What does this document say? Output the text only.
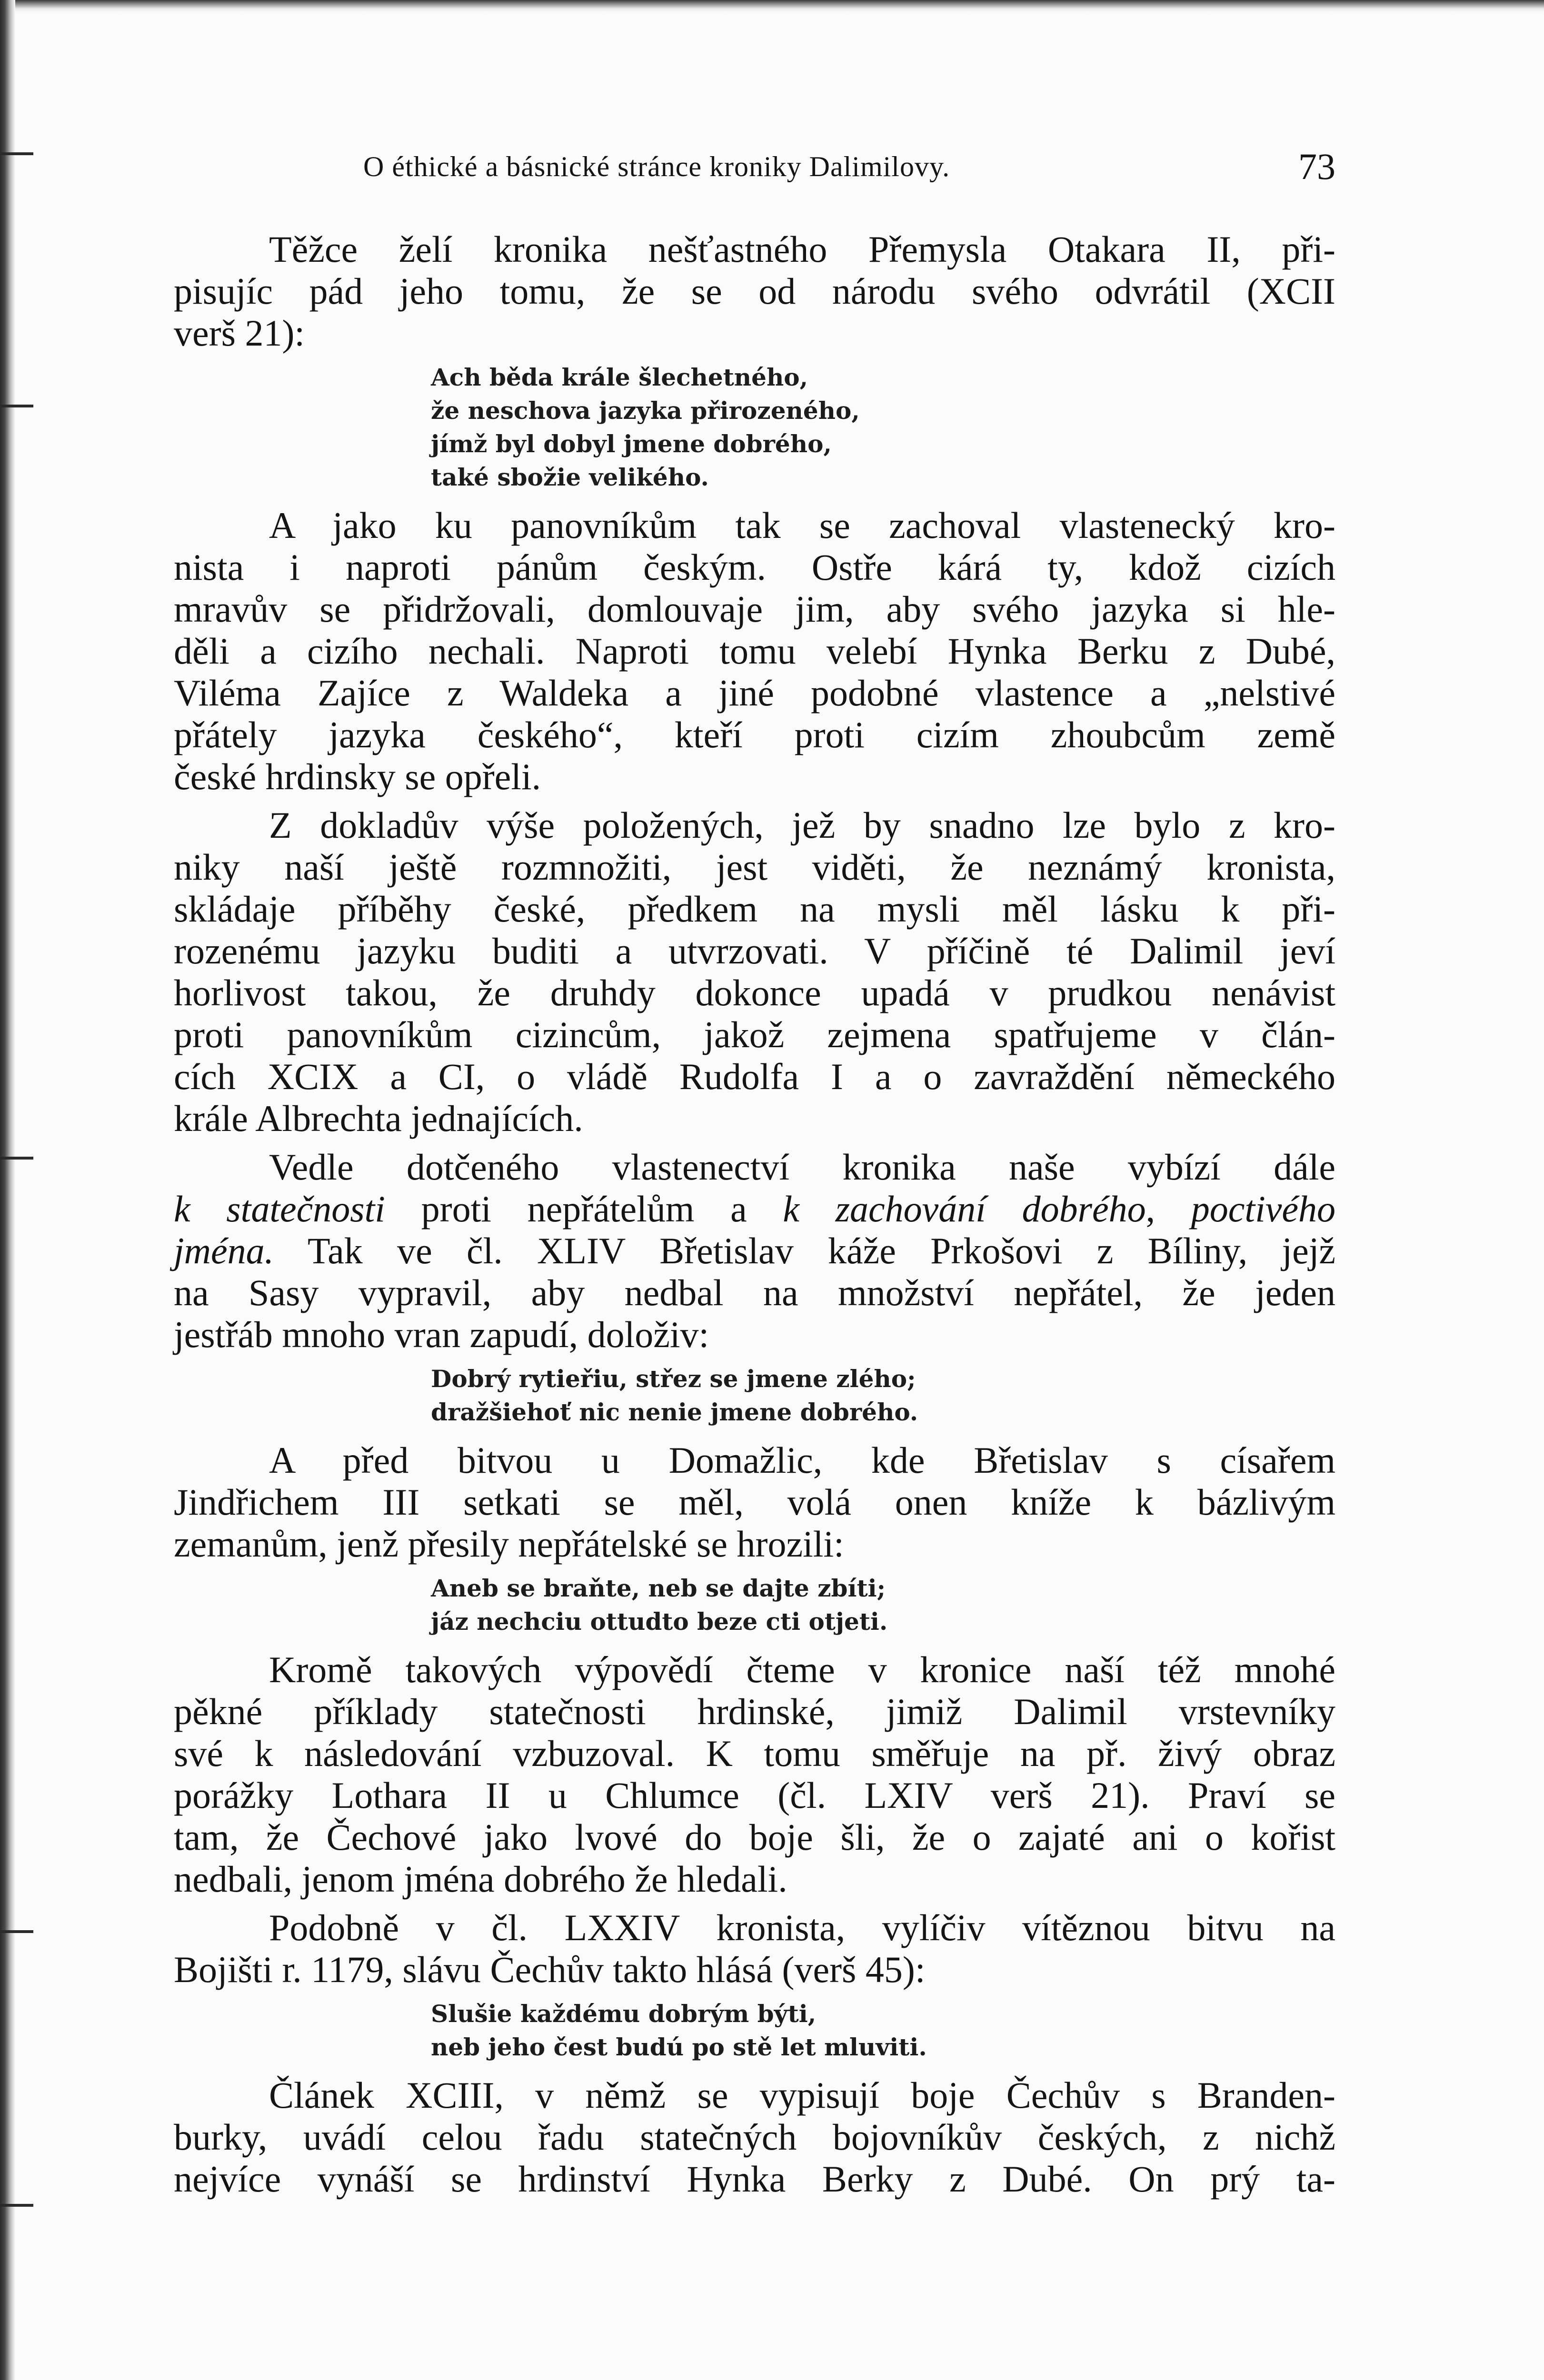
O éthické a básnické stránce kroniky Dalimilovy.	73
Těžce želí kronika nešťastného Přemysla Otakara II, při-
pisujíc pád jeho tomu, že se od národu svého odvrátil (XCII
verš 21):
Ach běda krále šlechetného,
že neschova jazyka přirozeného,
jímž byl dobyl jmene dobrého,
také sbožie velikého.
A jako ku panovníkům tak se zachoval vlastenecký kro-
nista i naproti pánům českým. Ostře kárá ty, kdož cizích
mravův se přidržovali, domlouvaje jim, aby svého jazyka si hle-
děli a cizího nechali. Naproti tomu velebí Hynka Berku z Dubé,
Viléma Zajíce z Waldeka a jiné podobné vlastence a „nelstivé
přátely jazyka českého“, kteří proti cizím zhoubcům země
české hrdinsky se opřeli.
Z dokladův výše položených, jež by snadno lze bylo z kro-
niky naší ještě rozmnožiti, jest viděti, že neznámý kronista,
skládaje příběhy české, předkem na mysli měl lásku k při-
rozenému jazyku buditi a utvrzovati. V příčině té Dalimil jeví
horlivost takou, že druhdy dokonce upadá v prudkou nenávist
proti panovníkům cizincům, jakož zejmena spatřujeme v člán-
cích XCIX a CI, o vládě Rudolfa I a o zavraždění německého
krále Albrechta jednajících.
Vedle dotčeného vlastenectví kronika naše vybízí dále
k statečnosti proti nepřátelům a k zachování dobrého, poctivého
jména. Tak ve čl. XLIV Břetislav káže Prkošovi z Bíliny, jejž
na Sasy vypravil, aby nedbal na množství nepřátel, že jeden
jestřáb mnoho vran zapudí, doloživ:
Dobrý rytieřiu, střez se jmene zlého;
dražšiehoť nic nenie jmene dobrého.
A před bitvou u Domažlic, kde Břetislav s císařem
Jindřichem III setkati se měl, volá onen kníže k bázlivým
zemanům, jenž přesily nepřátelské se hrozili:
Aneb se braňte, neb se dajte zbíti;
jáz nechciu ottudto beze cti otjeti.
Kromě takových výpovědí čteme v kronice naší též mnohé
pěkné příklady statečnosti hrdinské, jimiž Dalimil vrstevníky
své k následování vzbuzoval. K tomu směřuje na př. živý obraz
porážky Lothara II u Chlumce (čl. LXIV verš 21). Praví se
tam, že Čechové jako lvové do boje šli, že o zajaté ani o kořist
nedbali, jenom jména dobrého že hledali.
Podobně v čl. LXXIV kronista, vylíčiv vítěznou bitvu na
Bojišti r. 1179, slávu Čechův takto hlásá (verš 45):
Slušie každému dobrým býti,
neb jeho čest budú po stě let mluviti.
Článek XCIII, v němž se vypisují boje Čechův s Branden-
burky, uvádí celou řadu statečných bojovníkův českých, z nichž
nejvíce vynáší se hrdinství Hynka Berky z Dubé. On prý ta-
